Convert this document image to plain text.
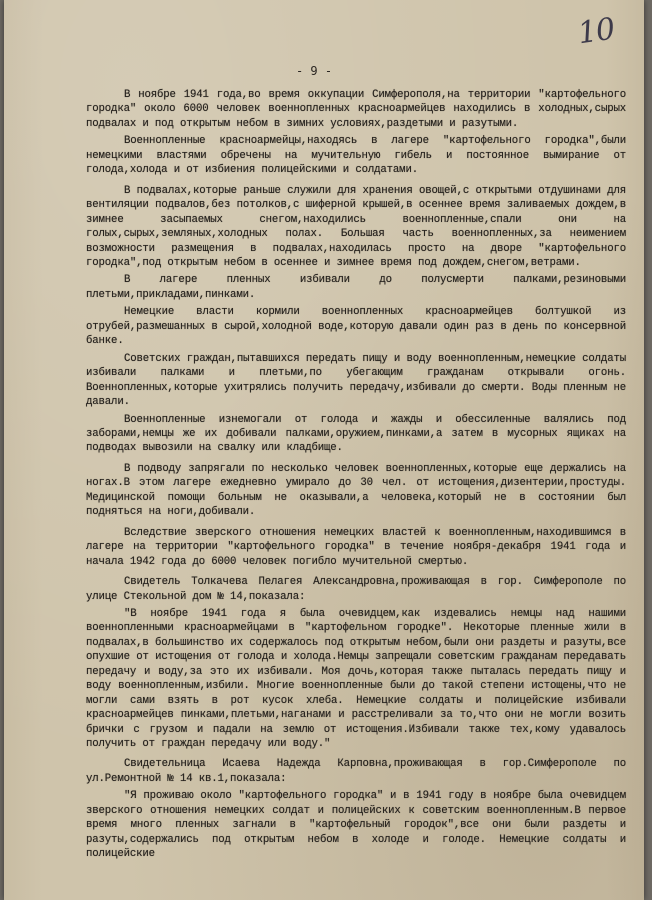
10
- 9 -

В ноябре 1941 года,во время оккупации Симферополя,на территории "картофельного городка" около 6000 человек военнопленных красноармейцев находились в холодных,сырых подвалах и под открытым небом в зимних условиях,раздетыми и разутыми.

Военнопленные красноармейцы,находясь в лагере "картофельного городка",были немецкими властями обречены на мучительную гибель и постоянное вымирание от голода,холода и от избиения полицейскими и солдатами.

В подвалах,которые раньше служили для хранения овощей,с открытыми отдушинами для вентиляции подвалов,без потолков,с шиферной крышей,в осеннее время заливаемых дождем,в зимнее засыпаемых снегом,находились военнопленные,спали они на голых,сырых,земляных,холодных полах. Большая часть военнопленных,за неимением возможности размещения в подвалах,находилась просто на дворе "картофельного городка",под открытым небом в осеннее и зимнее время под дождем,снегом,ветрами.

В лагере пленных избивали до полусмерти палками,резиновыми плетьми,прикладами,пинками.

Немецкие власти кормили военнопленных красноармейцев болтушкой из отрубей,размешанных в сырой,холодной воде,которую давали один раз в день по консервной банке.

Советских граждан,пытавшихся передать пищу и воду военнопленным,немецкие солдаты избивали палками и плетьми,по убегающим гражданам открывали огонь. Военнопленных,которые ухитрялись получить передачу,избивали до смерти. Воды пленным не давали.

Военнопленные изнемогали от голода и жажды и обессиленные валялись под заборами,немцы же их добивали палками,оружием,пинками,а затем в мусорных ящиках на подводах вывозили на свалку или кладбище.

В подводу запрягали по несколько человек военнопленных,которые еще держались на ногах.В этом лагере ежедневно умирало до 30 чел. от истощения,дизентерии,простуды. Медицинской помощи больным не оказывали,а человека,который не в состоянии был подняться на ноги,добивали.

Вследствие зверского отношения немецких властей к военнопленным,находившимся в лагере на территории "картофельного городка" в течение ноября-декабря 1941 года и начала 1942 года до 6000 человек погибло мучительной смертью.

Свидетель Толкачева Пелагея Александровна,проживающая в гор. Симферополе по улице Стекольной дом № 14,показала:

"В ноябре 1941 года я была очевидцем,как издевались немцы над нашими военнопленными красноармейцами в "картофельном городке". Некоторые пленные жили в подвалах,в большинство их содержалось под открытым небом,были они раздеты и разуты,все опухшие от истощения от голода и холода.Немцы запрещали советским гражданам передавать передачу и воду,за это их избивали. Моя дочь,которая также пыталась передать пищу и воду военнопленным,избили. Многие военнопленные были до такой степени истощены,что не могли сами взять в рот кусок хлеба. Немецкие солдаты и полицейские избивали красноармейцев пинками,плетьми,наганами и расстреливали за то,что они не могли возить брички с грузом и падали на землю от истощения.Избивали также тех,кому удавалось получить от граждан передачу или воду."

Свидетельница Исаева Надежда Карповна,проживающая в гор.Симферополе по ул.Ремонтной № 14 кв.1,показала:

"Я проживаю около "картофельного городка" и в 1941 году в ноябре была очевидцем зверского отношения немецких солдат и полицейских к советским военнопленным.В первое время много пленных загнали в "картофельный городок",все они были раздеты и разуты,содержались под открытым небом в холоде и голоде. Немецкие солдаты и полицейские
